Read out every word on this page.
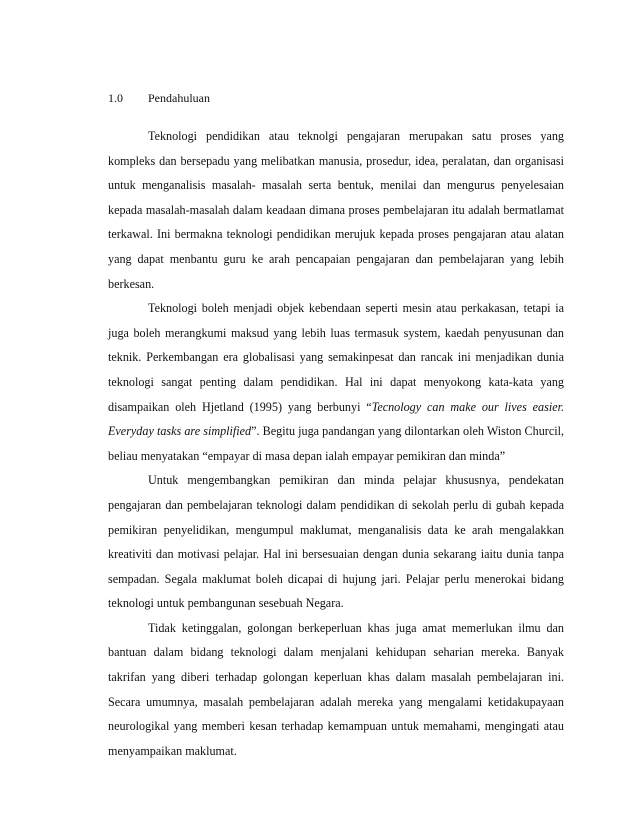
1.0	Pendahuluan

Teknologi pendidikan atau teknolgi pengajaran merupakan satu proses yang kompleks dan bersepadu yang melibatkan manusia, prosedur, idea, peralatan, dan organisasi untuk menganalisis masalah- masalah serta bentuk, menilai dan mengurus penyelesaian kepada masalah-masalah dalam keadaan dimana proses pembelajaran itu adalah bermatlamat terkawal. Ini bermakna teknologi pendidikan merujuk kepada proses pengajaran atau alatan yang dapat menbantu guru ke arah pencapaian pengajaran dan pembelajaran yang lebih berkesan.

Teknologi boleh menjadi objek kebendaan seperti mesin atau perkakasan, tetapi ia juga boleh merangkumi maksud yang lebih luas termasuk system, kaedah penyusunan dan teknik. Perkembangan era globalisasi yang semakinpesat dan rancak ini menjadikan dunia teknologi sangat penting dalam pendidikan. Hal ini dapat menyokong kata-kata yang disampaikan oleh Hjetland (1995) yang berbunyi “Tecnology can make our lives easier. Everyday tasks are simplified”. Begitu juga pandangan yang dilontarkan oleh Wiston Churcil, beliau menyatakan “empayar di masa depan ialah empayar pemikiran dan minda”

Untuk mengembangkan pemikiran dan minda pelajar khususnya, pendekatan pengajaran dan pembelajaran teknologi dalam pendidikan di sekolah perlu di gubah kepada pemikiran penyelidikan, mengumpul maklumat, menganalisis data ke arah mengalakkan kreativiti dan motivasi pelajar. Hal ini bersesuaian dengan dunia sekarang iaitu dunia tanpa sempadan. Segala maklumat boleh dicapai di hujung jari. Pelajar perlu menerokai bidang teknologi untuk pembangunan sesebuah Negara.

Tidak ketinggalan, golongan berkeperluan khas juga amat memerlukan ilmu dan bantuan dalam bidang teknologi dalam menjalani kehidupan seharian mereka. Banyak takrifan yang diberi terhadap golongan keperluan khas dalam masalah pembelajaran ini. Secara umumnya, masalah pembelajaran adalah mereka yang mengalami ketidakupayaan neurologikal yang memberi kesan terhadap kemampuan untuk memahami, mengingati atau menyampaikan maklumat.
